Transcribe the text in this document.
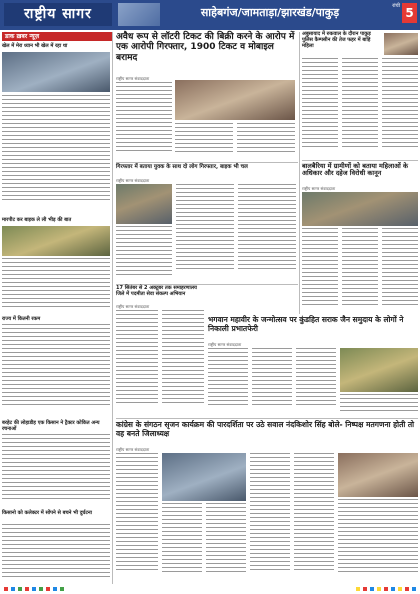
राष्ट्रीय सागर	साहेबगंज/जामताड़ा/झारखंड/पाकुड़	रांची 5
डाक ख़बर न्यूज़
खेल में मेरा ध्यान भी खेल में रहा था
मारपीट कर बाइक ले ली भीड़ की बात
राज्य में कितनी रकम
बरहेट की लोहाडीह एक किसान ने ट्रैक्टर कोकित अन्य रचनाओं
किसानो को कलेक्टर में सोंपने से बचने भी दुर्घटना
अवैध रूप से लॉटरी टिकट की बिक्री करने के आरोप में एक आरोपी गिरफ्तार, 1900 टिकट व मोबाइल बरामद
राष्ट्रीय सागर संवाददाता
गिरफ्तार में बताया युवक के साथ दो लोग गिरफ्तार, बाइक भी चल
राष्ट्रीय सागर संवाददाता
17 सितंबर से 2 अक्टूबर तक समाहरणालय जिले में पदमीता सेवा संकल्प अभियान
राष्ट्रीय सागर संवाददाता
भगवान महावीर के जन्मोत्सव पर कुंडहित सराक जैन समुदाय के लोगों ने निकाली प्रभातफेरी
राष्ट्रीय सागर संवाददाता
कांग्रेस के संगठन सृजन कार्यक्रम की पारदर्शिता पर उठे सवाल नंदकिशोर सिंह बोले- निष्पक्ष मतगणना होती तो वह बनते जिलाध्यक्ष
राष्ट्रीय सागर संवाददाता
अबुसायाद में रुकवाल के दौरान पाकुड़ पुलिस कैम्पसीन की तेज फहर में बाहि महिला
बालबैरिया में ग्रामीणों को बताया महिलाओं के अधिकार और दहेज विरोधी कानून
राष्ट्रीय सागर संवाददाता
